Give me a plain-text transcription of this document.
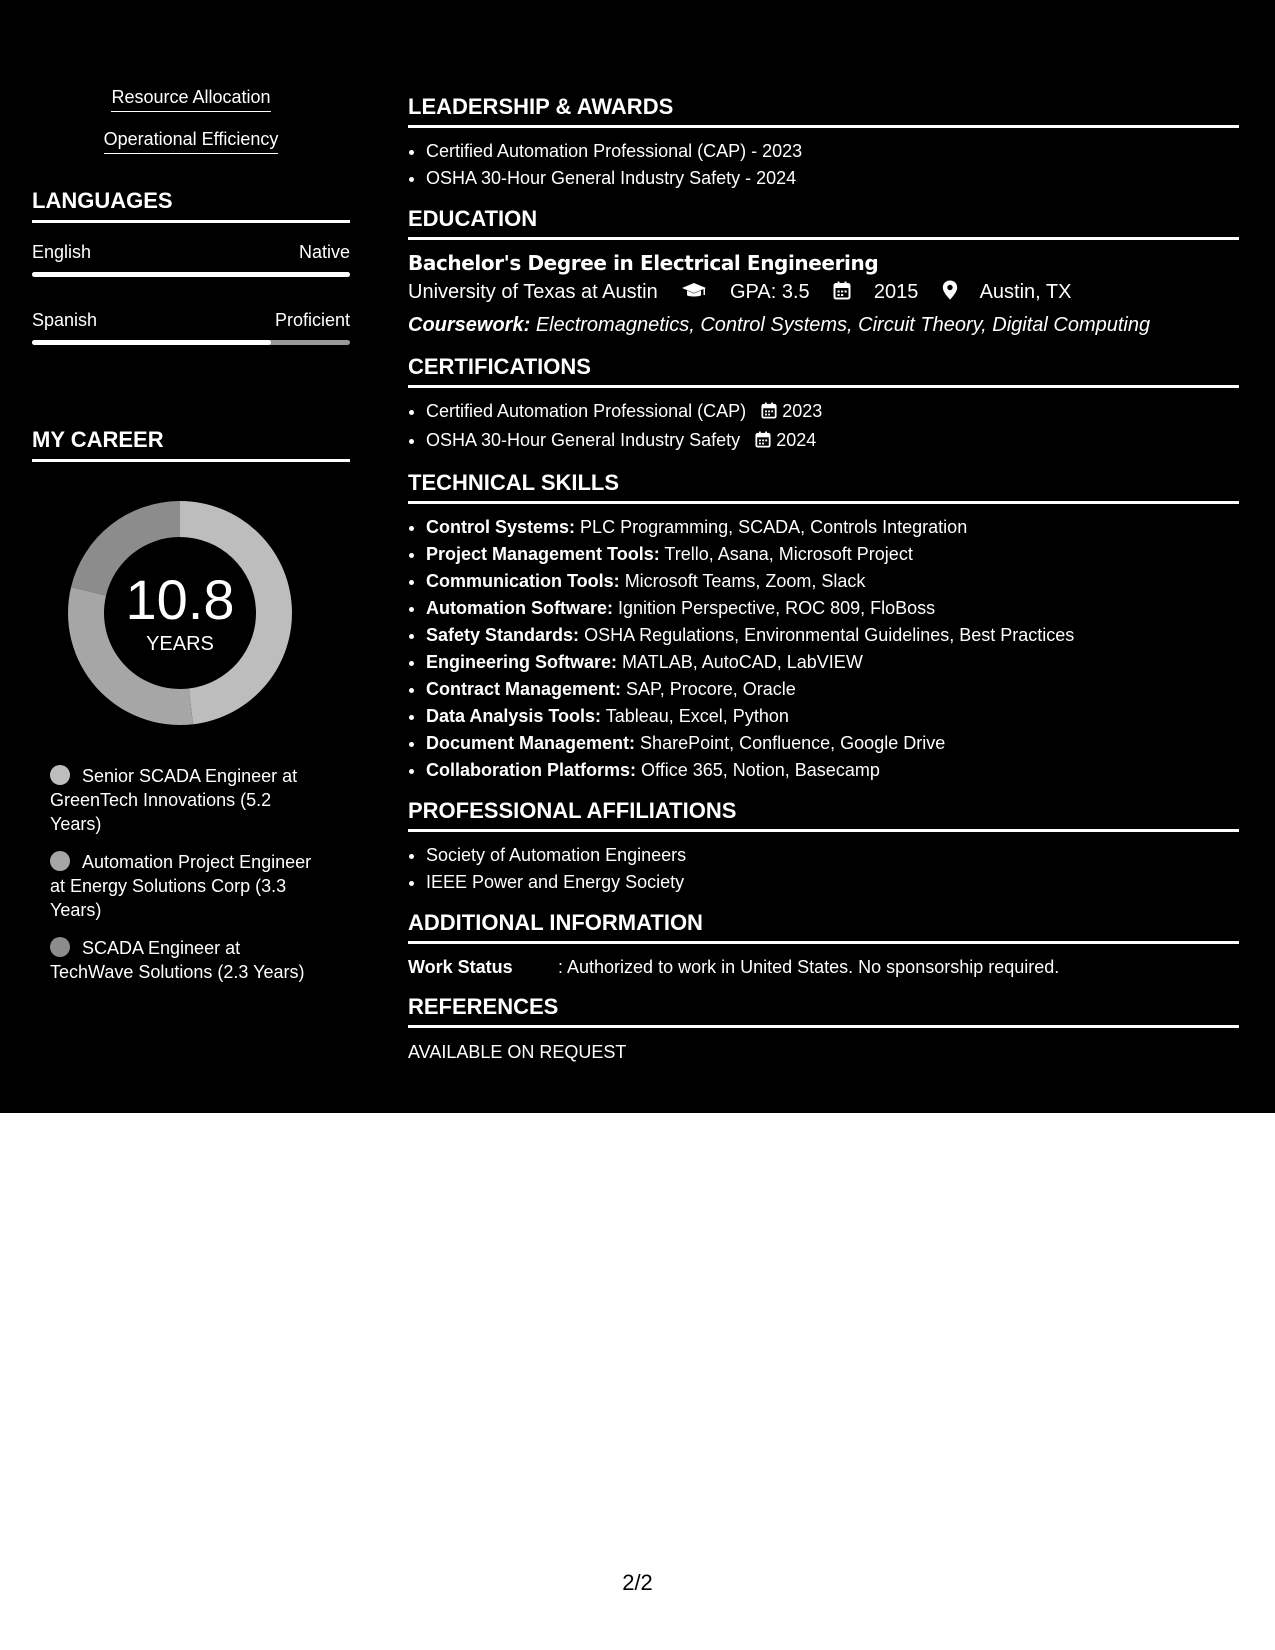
Resource Allocation
Operational Efficiency
LANGUAGES
English	Native
Spanish	Proficient
MY CAREER
10.8
YEARS
Senior SCADA Engineer at GreenTech Innovations (5.2 Years)
Automation Project Engineer at Energy Solutions Corp (3.3 Years)
SCADA Engineer at TechWave Solutions (2.3 Years)
LEADERSHIP & AWARDS
• Certified Automation Professional (CAP) - 2023
• OSHA 30-Hour General Industry Safety - 2024
EDUCATION
Bachelor's Degree in Electrical Engineering
University of Texas at Austin	GPA: 3.5	2015	Austin, TX
Coursework: Electromagnetics, Control Systems, Circuit Theory, Digital Computing
CERTIFICATIONS
• Certified Automation Professional (CAP) 2023
• OSHA 30-Hour General Industry Safety 2024
TECHNICAL SKILLS
• Control Systems: PLC Programming, SCADA, Controls Integration
• Project Management Tools: Trello, Asana, Microsoft Project
• Communication Tools: Microsoft Teams, Zoom, Slack
• Automation Software: Ignition Perspective, ROC 809, FloBoss
• Safety Standards: OSHA Regulations, Environmental Guidelines, Best Practices
• Engineering Software: MATLAB, AutoCAD, LabVIEW
• Contract Management: SAP, Procore, Oracle
• Data Analysis Tools: Tableau, Excel, Python
• Document Management: SharePoint, Confluence, Google Drive
• Collaboration Platforms: Office 365, Notion, Basecamp
PROFESSIONAL AFFILIATIONS
• Society of Automation Engineers
• IEEE Power and Energy Society
ADDITIONAL INFORMATION
Work Status	: Authorized to work in United States. No sponsorship required.
REFERENCES
AVAILABLE ON REQUEST
2/2
